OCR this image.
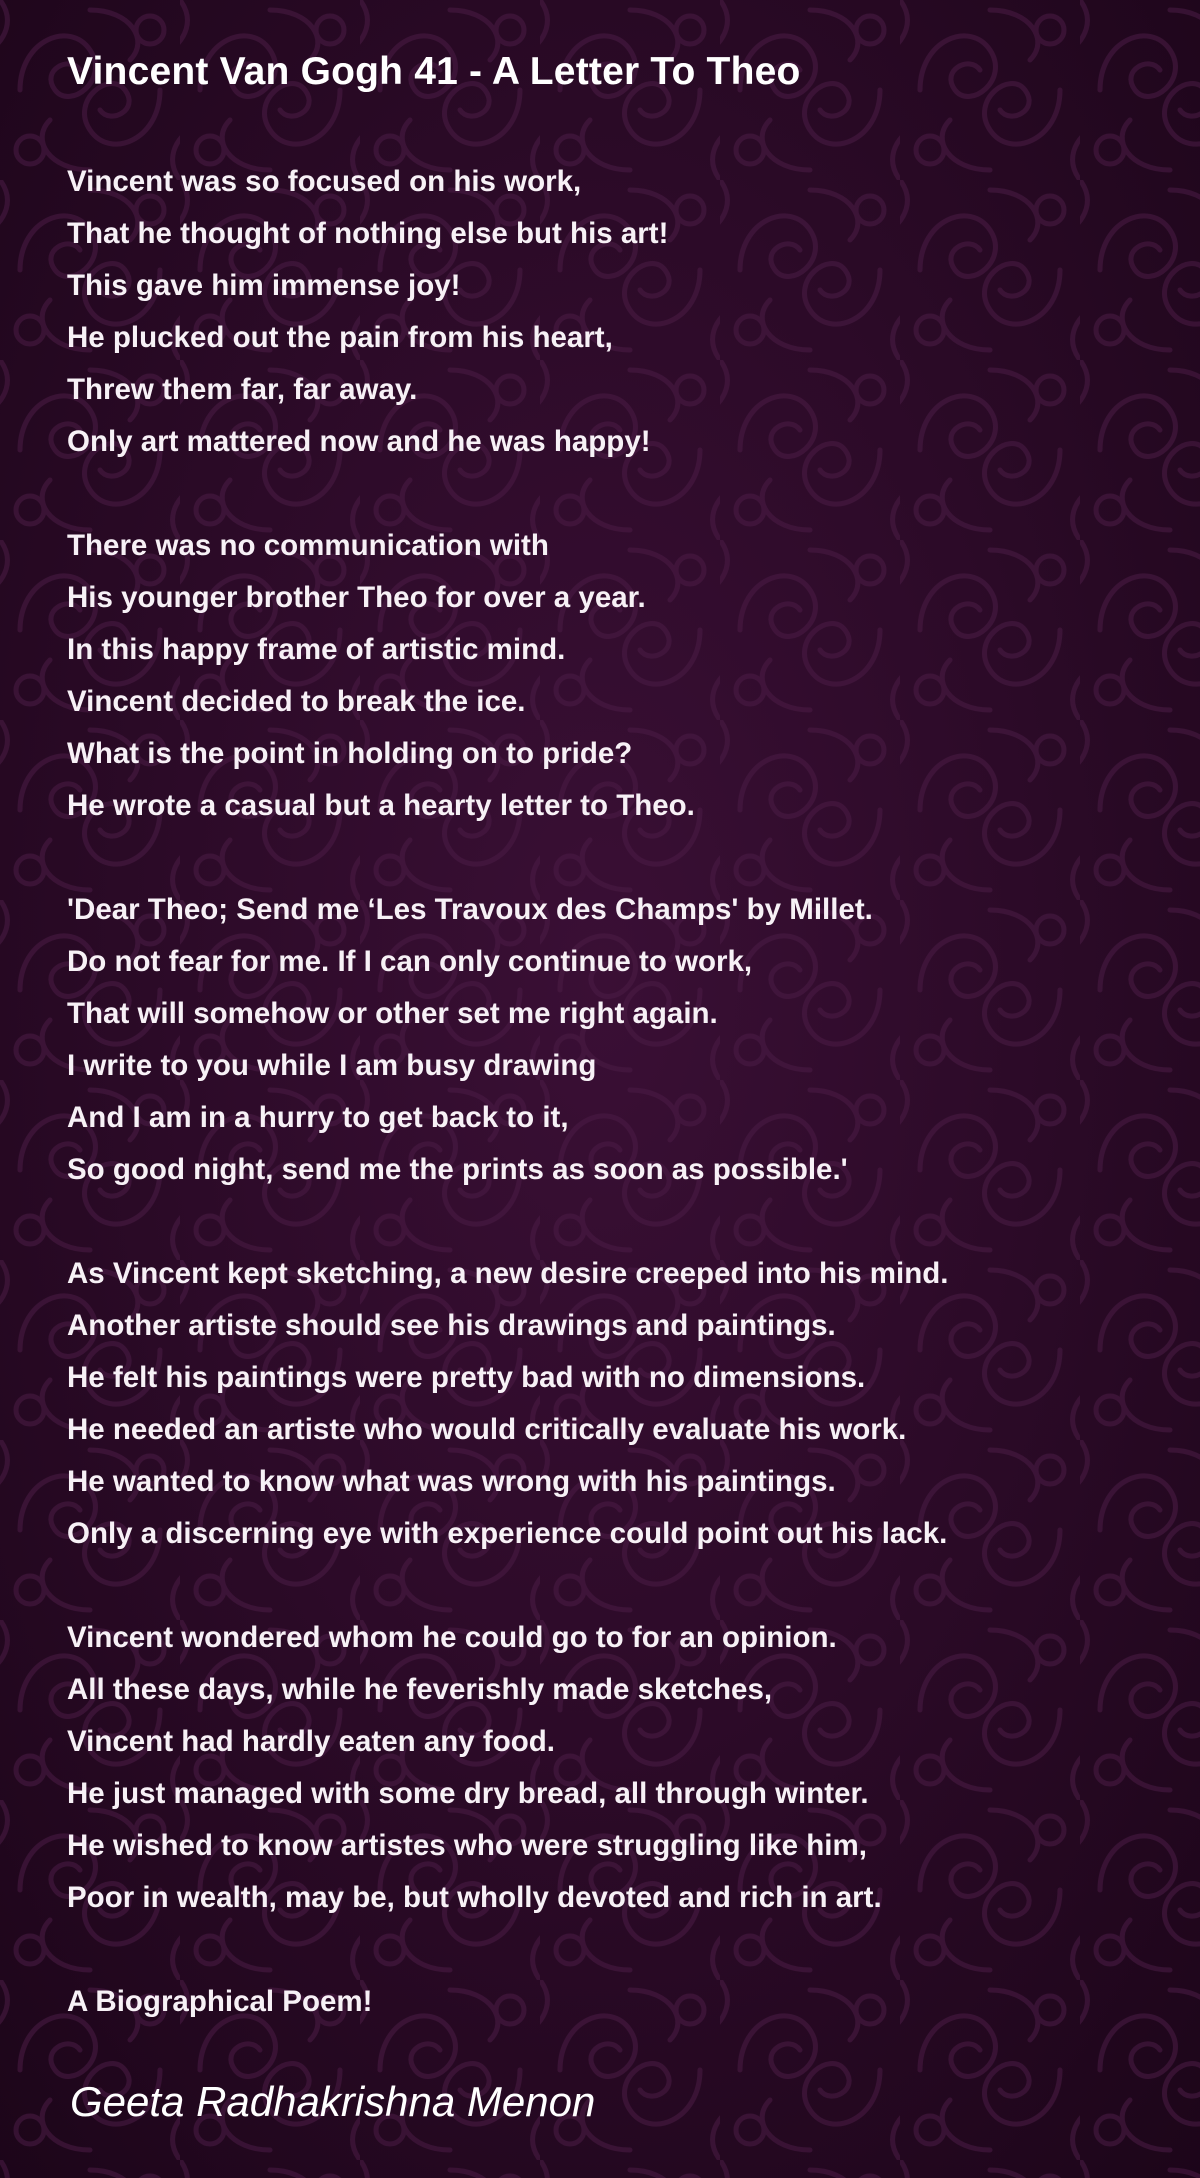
Vincent Van Gogh 41 - A Letter To Theo
Vincent was so focused on his work,
That he thought of nothing else but his art!
This gave him immense joy!
He plucked out the pain from his heart,
Threw them far, far away.
Only art mattered now and he was happy!
There was no communication with
His younger brother Theo for over a year.
In this happy frame of artistic mind.
Vincent decided to break the ice.
What is the point in holding on to pride?
He wrote a casual but a hearty letter to Theo.
'Dear Theo; Send me ‘Les Travoux des Champs' by Millet.
Do not fear for me. If I can only continue to work,
That will somehow or other set me right again.
I write to you while I am busy drawing
And I am in a hurry to get back to it,
So good night, send me the prints as soon as possible.'
As Vincent kept sketching, a new desire creeped into his mind.
Another artiste should see his drawings and paintings.
He felt his paintings were pretty bad with no dimensions.
He needed an artiste who would critically evaluate his work.
He wanted to know what was wrong with his paintings.
Only a discerning eye with experience could point out his lack.
Vincent wondered whom he could go to for an opinion.
All these days, while he feverishly made sketches,
Vincent had hardly eaten any food.
He just managed with some dry bread, all through winter.
He wished to know artistes who were struggling like him,
Poor in wealth, may be, but wholly devoted and rich in art.
A Biographical Poem!
Geeta Radhakrishna Menon
